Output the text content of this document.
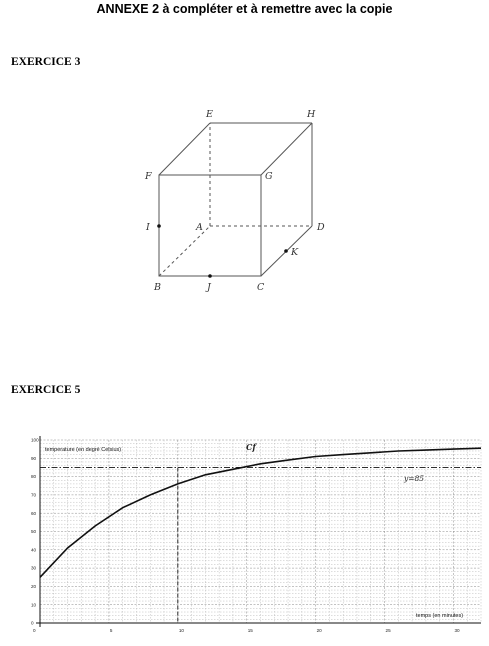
ANNEXE 2 à compléter et à remettre avec la copie
EXERCICE 3
EXERCICE 5
E	H
F	G
I	A	D
K
B	J	C
0
10
20
30
40
50
60
70
80
90
100
0	5	10	15	20	25	30
temperature (en degré Celsius)
temps (en minutes)
Cf
y=85
